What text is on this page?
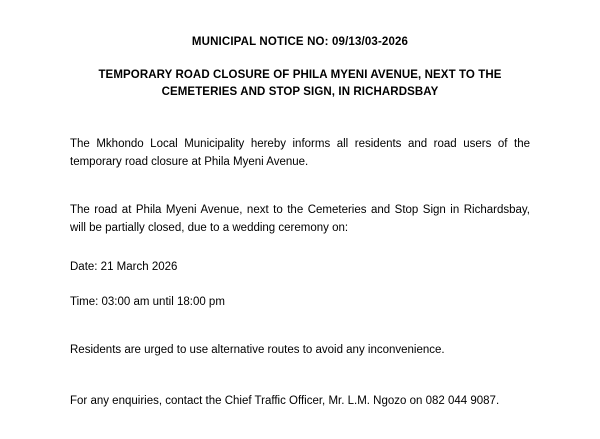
MUNICIPAL NOTICE NO: 09/13/03-2026
TEMPORARY ROAD CLOSURE OF PHILA MYENI AVENUE, NEXT TO THE
CEMETERIES AND STOP SIGN, IN RICHARDSBAY

The Mkhondo Local Municipality hereby informs all residents and road users of the temporary road closure at Phila Myeni Avenue.

The road at Phila Myeni Avenue, next to the Cemeteries and Stop Sign in Richardsbay, will be partially closed, due to a wedding ceremony on:

Date: 21 March 2026

Time: 03:00 am until 18:00 pm

Residents are urged to use alternative routes to avoid any inconvenience.

For any enquiries, contact the Chief Traffic Officer, Mr. L.M. Ngozo on 082 044 9087.
